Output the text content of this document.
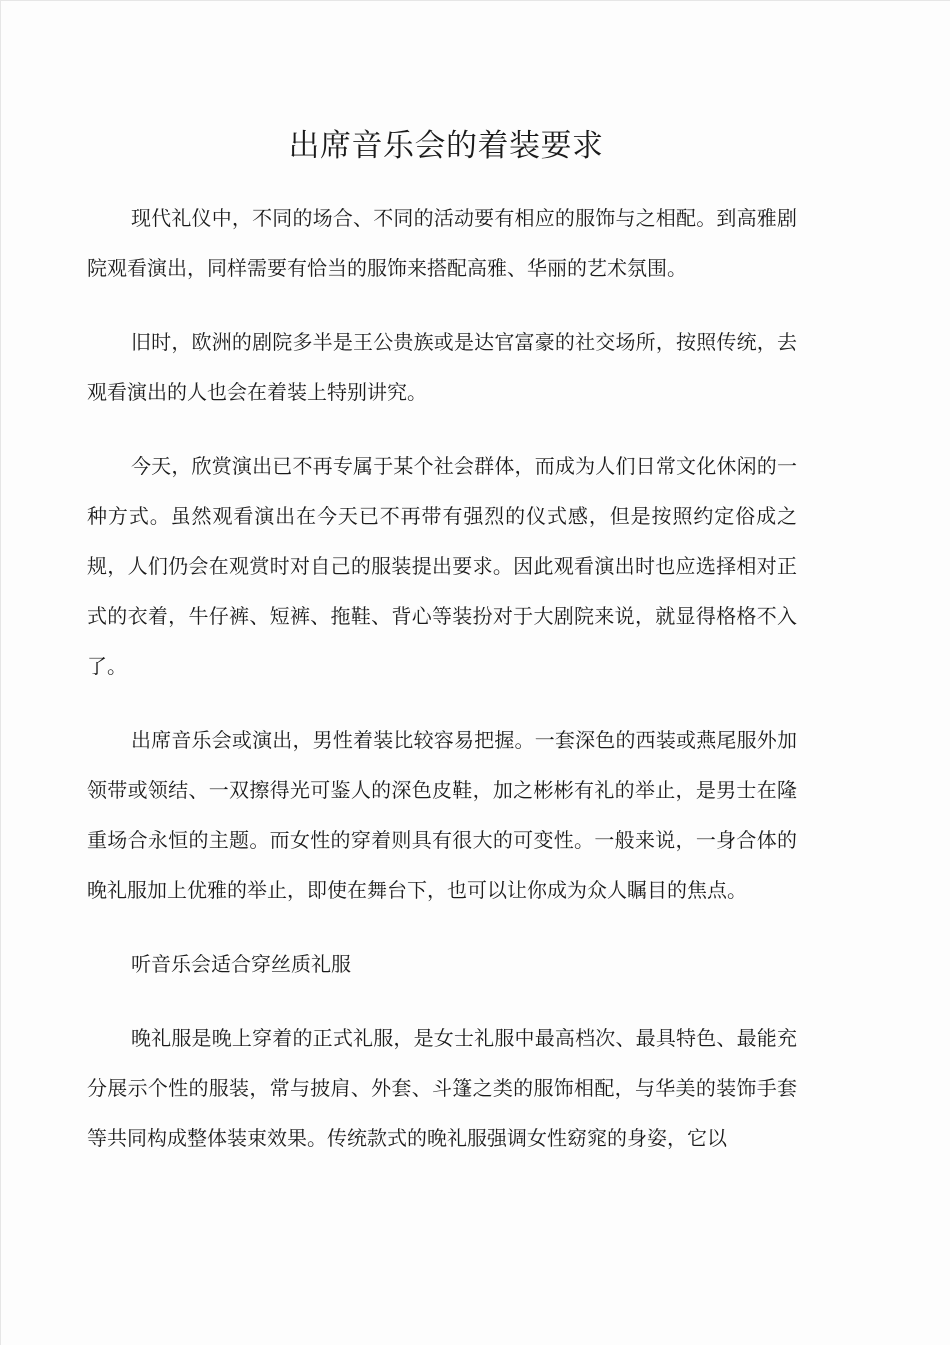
出席音乐会的着装要求

现代礼仪中，不同的场合、不同的活动要有相应的服饰与之相配。到高雅剧院观看演出，同样需要有恰当的服饰来搭配高雅、华丽的艺术氛围。

旧时，欧洲的剧院多半是王公贵族或是达官富豪的社交场所，按照传统，去观看演出的人也会在着装上特别讲究。

今天，欣赏演出已不再专属于某个社会群体，而成为人们日常文化休闲的一种方式。虽然观看演出在今天已不再带有强烈的仪式感，但是按照约定俗成之规，人们仍会在观赏时对自己的服装提出要求。因此观看演出时也应选择相对正式的衣着，牛仔裤、短裤、拖鞋、背心等装扮对于大剧院来说，就显得格格不入了。

出席音乐会或演出，男性着装比较容易把握。一套深色的西装或燕尾服外加领带或领结、一双擦得光可鉴人的深色皮鞋，加之彬彬有礼的举止，是男士在隆重场合永恒的主题。而女性的穿着则具有很大的可变性。一般来说，一身合体的晚礼服加上优雅的举止，即使在舞台下，也可以让你成为众人瞩目的焦点。

听音乐会适合穿丝质礼服

晚礼服是晚上穿着的正式礼服，是女士礼服中最高档次、最具特色、最能充分展示个性的服装，常与披肩、外套、斗篷之类的服饰相配，与华美的装饰手套等共同构成整体装束效果。传统款式的晚礼服强调女性窈窕的身姿，它以
